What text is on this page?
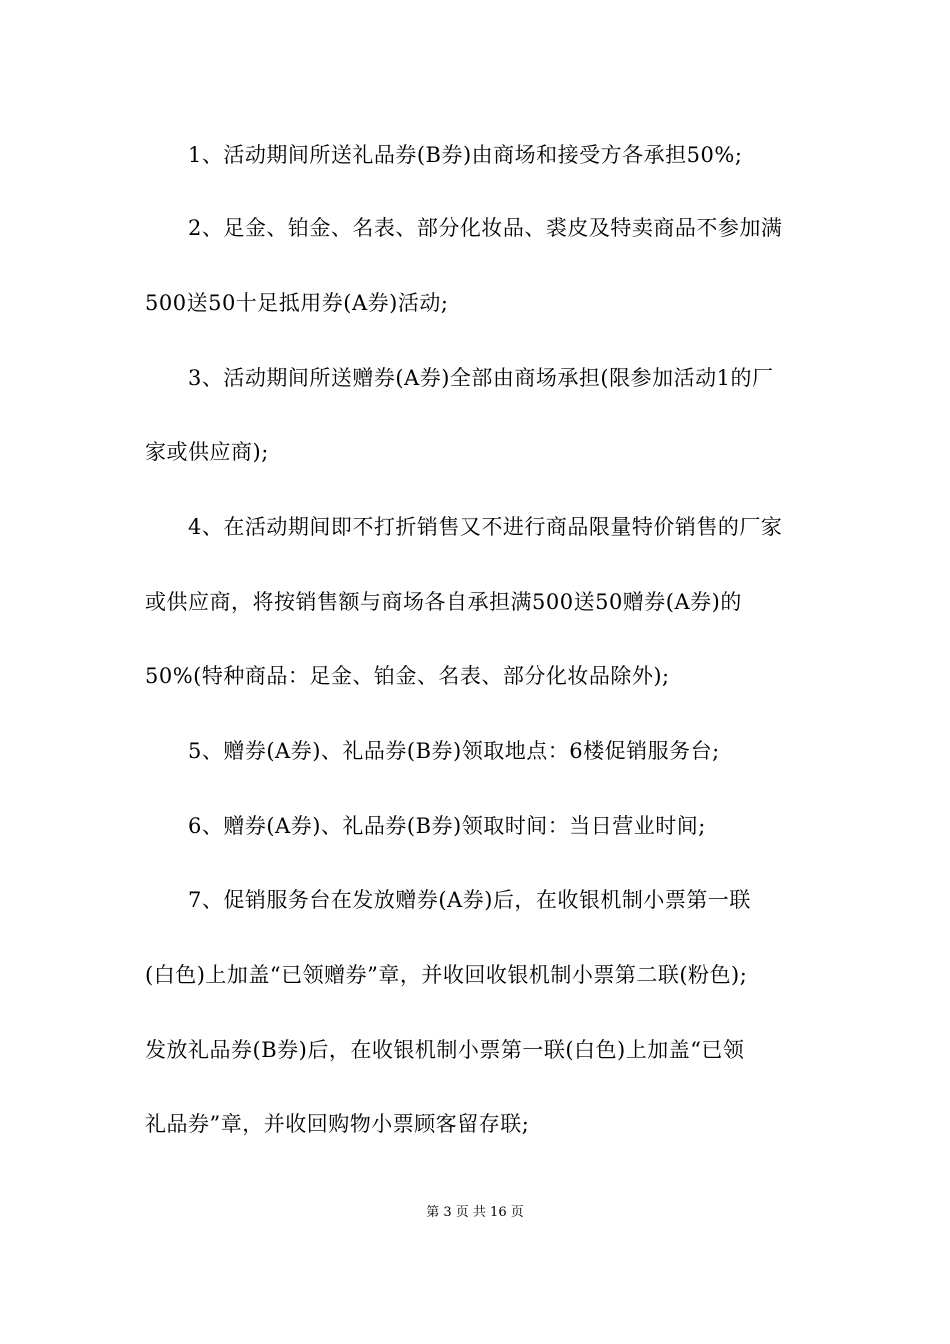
1、活动期间所送礼品券(B券)由商场和接受方各承担50%;
2、足金、铂金、名表、部分化妆品、裘皮及特卖商品不参加满
500送50十足抵用券(A券)活动;
3、活动期间所送赠券(A券)全部由商场承担(限参加活动1的厂
家或供应商);
4、在活动期间即不打折销售又不进行商品限量特价销售的厂家
或供应商，将按销售额与商场各自承担满500送50赠券(A券)的
50%(特种商品：足金、铂金、名表、部分化妆品除外);
5、赠券(A券)、礼品券(B券)领取地点：6楼促销服务台;
6、赠券(A券)、礼品券(B券)领取时间：当日营业时间;
7、促销服务台在发放赠券(A券)后，在收银机制小票第一联
(白色)上加盖“已领赠券”章，并收回收银机制小票第二联(粉色);
发放礼品券(B券)后，在收银机制小票第一联(白色)上加盖“已领
礼品券”章，并收回购物小票顾客留存联;
第 3 页 共 16 页
